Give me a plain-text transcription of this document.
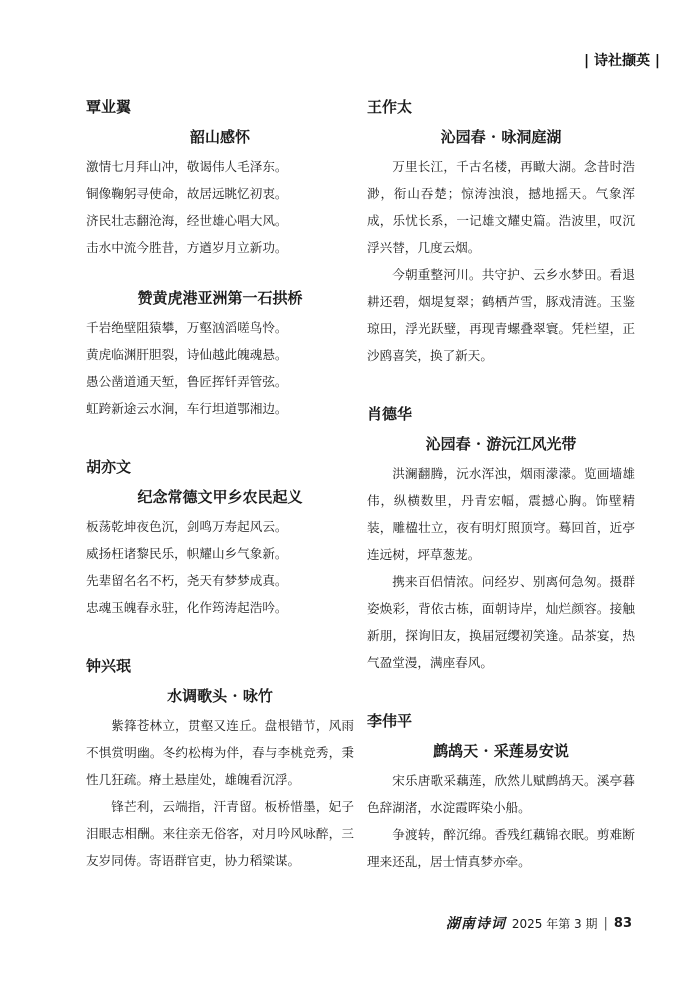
| 诗社撷英 |
覃业翼
韶山感怀

激情七月拜山冲，敬谒伟人毛泽东。

铜像鞠躬寻使命，故居远眺忆初衷。

济民壮志翻沧海，经世雄心唱大风。

击水中流今胜昔，方遒岁月立新功。

赞黄虎港亚洲第一石拱桥

千岩绝壁阻猿攀，万壑汹滔嗟鸟怜。

黄虎临渊肝胆裂，诗仙越此魄魂悬。

愚公凿道通天堑，鲁匠挥钎弄管弦。

虹跨新途云水涧，车行坦道鄂湘边。

胡亦文
纪念常德文甲乡农民起义

板荡乾坤夜色沉，剑鸣万寿起风云。

威扬枉诸黎民乐，帜耀山乡气象新。

先辈留名名不朽，尧天有梦梦成真。

忠魂玉魄春永驻，化作筠涛起浩吟。

钟兴珉
水调歌头 · 咏竹

紫箨苍林立，贯壑又连丘。盘根错节，风雨不惧赏明幽。冬约松梅为伴，春与李桃竞秀，秉性几狂疏。瘠土悬崖处，雄魄看沉浮。

锋芒利，云端指，汗青留。板桥惜墨，妃子泪眼志相酬。来往亲无俗客，对月吟风咏醉，三友岁同俦。寄语群官吏，协力稻粱谋。

王作太
沁园春 · 咏洞庭湖

万里长江，千古名楼，再瞰大湖。念昔时浩渺，衔山吞楚；惊涛浊浪，撼地摇天。气象浑成，乐忧长系，一记雄文耀史篇。浩波里，叹沉浮兴替，几度云烟。

今朝重整河川。共守护、云乡水梦田。看退耕还碧，烟堤复翠；鹤栖芦雪，豚戏清涟。玉鉴琼田，浮光跃璧，再现青螺叠翠寰。凭栏望，正沙鸥喜笑，换了新天。

肖德华
沁园春 · 游沅江风光带

洪澜翻腾，沅水浑浊，烟雨濛濛。览画墙雄伟，纵横数里，丹青宏幅，震撼心胸。饰壁精装，雕楹壮立，夜有明灯照顶穹。蓦回首，近亭连远树，坪草葱茏。

携来百侣情浓。问经岁、别离何急匆。摄群姿焕彩，背依古栋，面朝诗岸，灿烂颜容。接触新朋，探询旧友，换届冠缨初笑逢。品茶宴，热气盈堂漫，满座春风。

李伟平
鹧鸪天 · 采莲易安说

宋乐唐歌采藕莲，欣然儿赋鹧鸪天。溪亭暮色辞湖渚，水淀霞晖染小船。

争渡转，醉沉绵。香残红藕锦衣眠。剪难断理来还乱，居士情真梦亦牵。

湖南诗词 2025 年第 3 期 | 83
